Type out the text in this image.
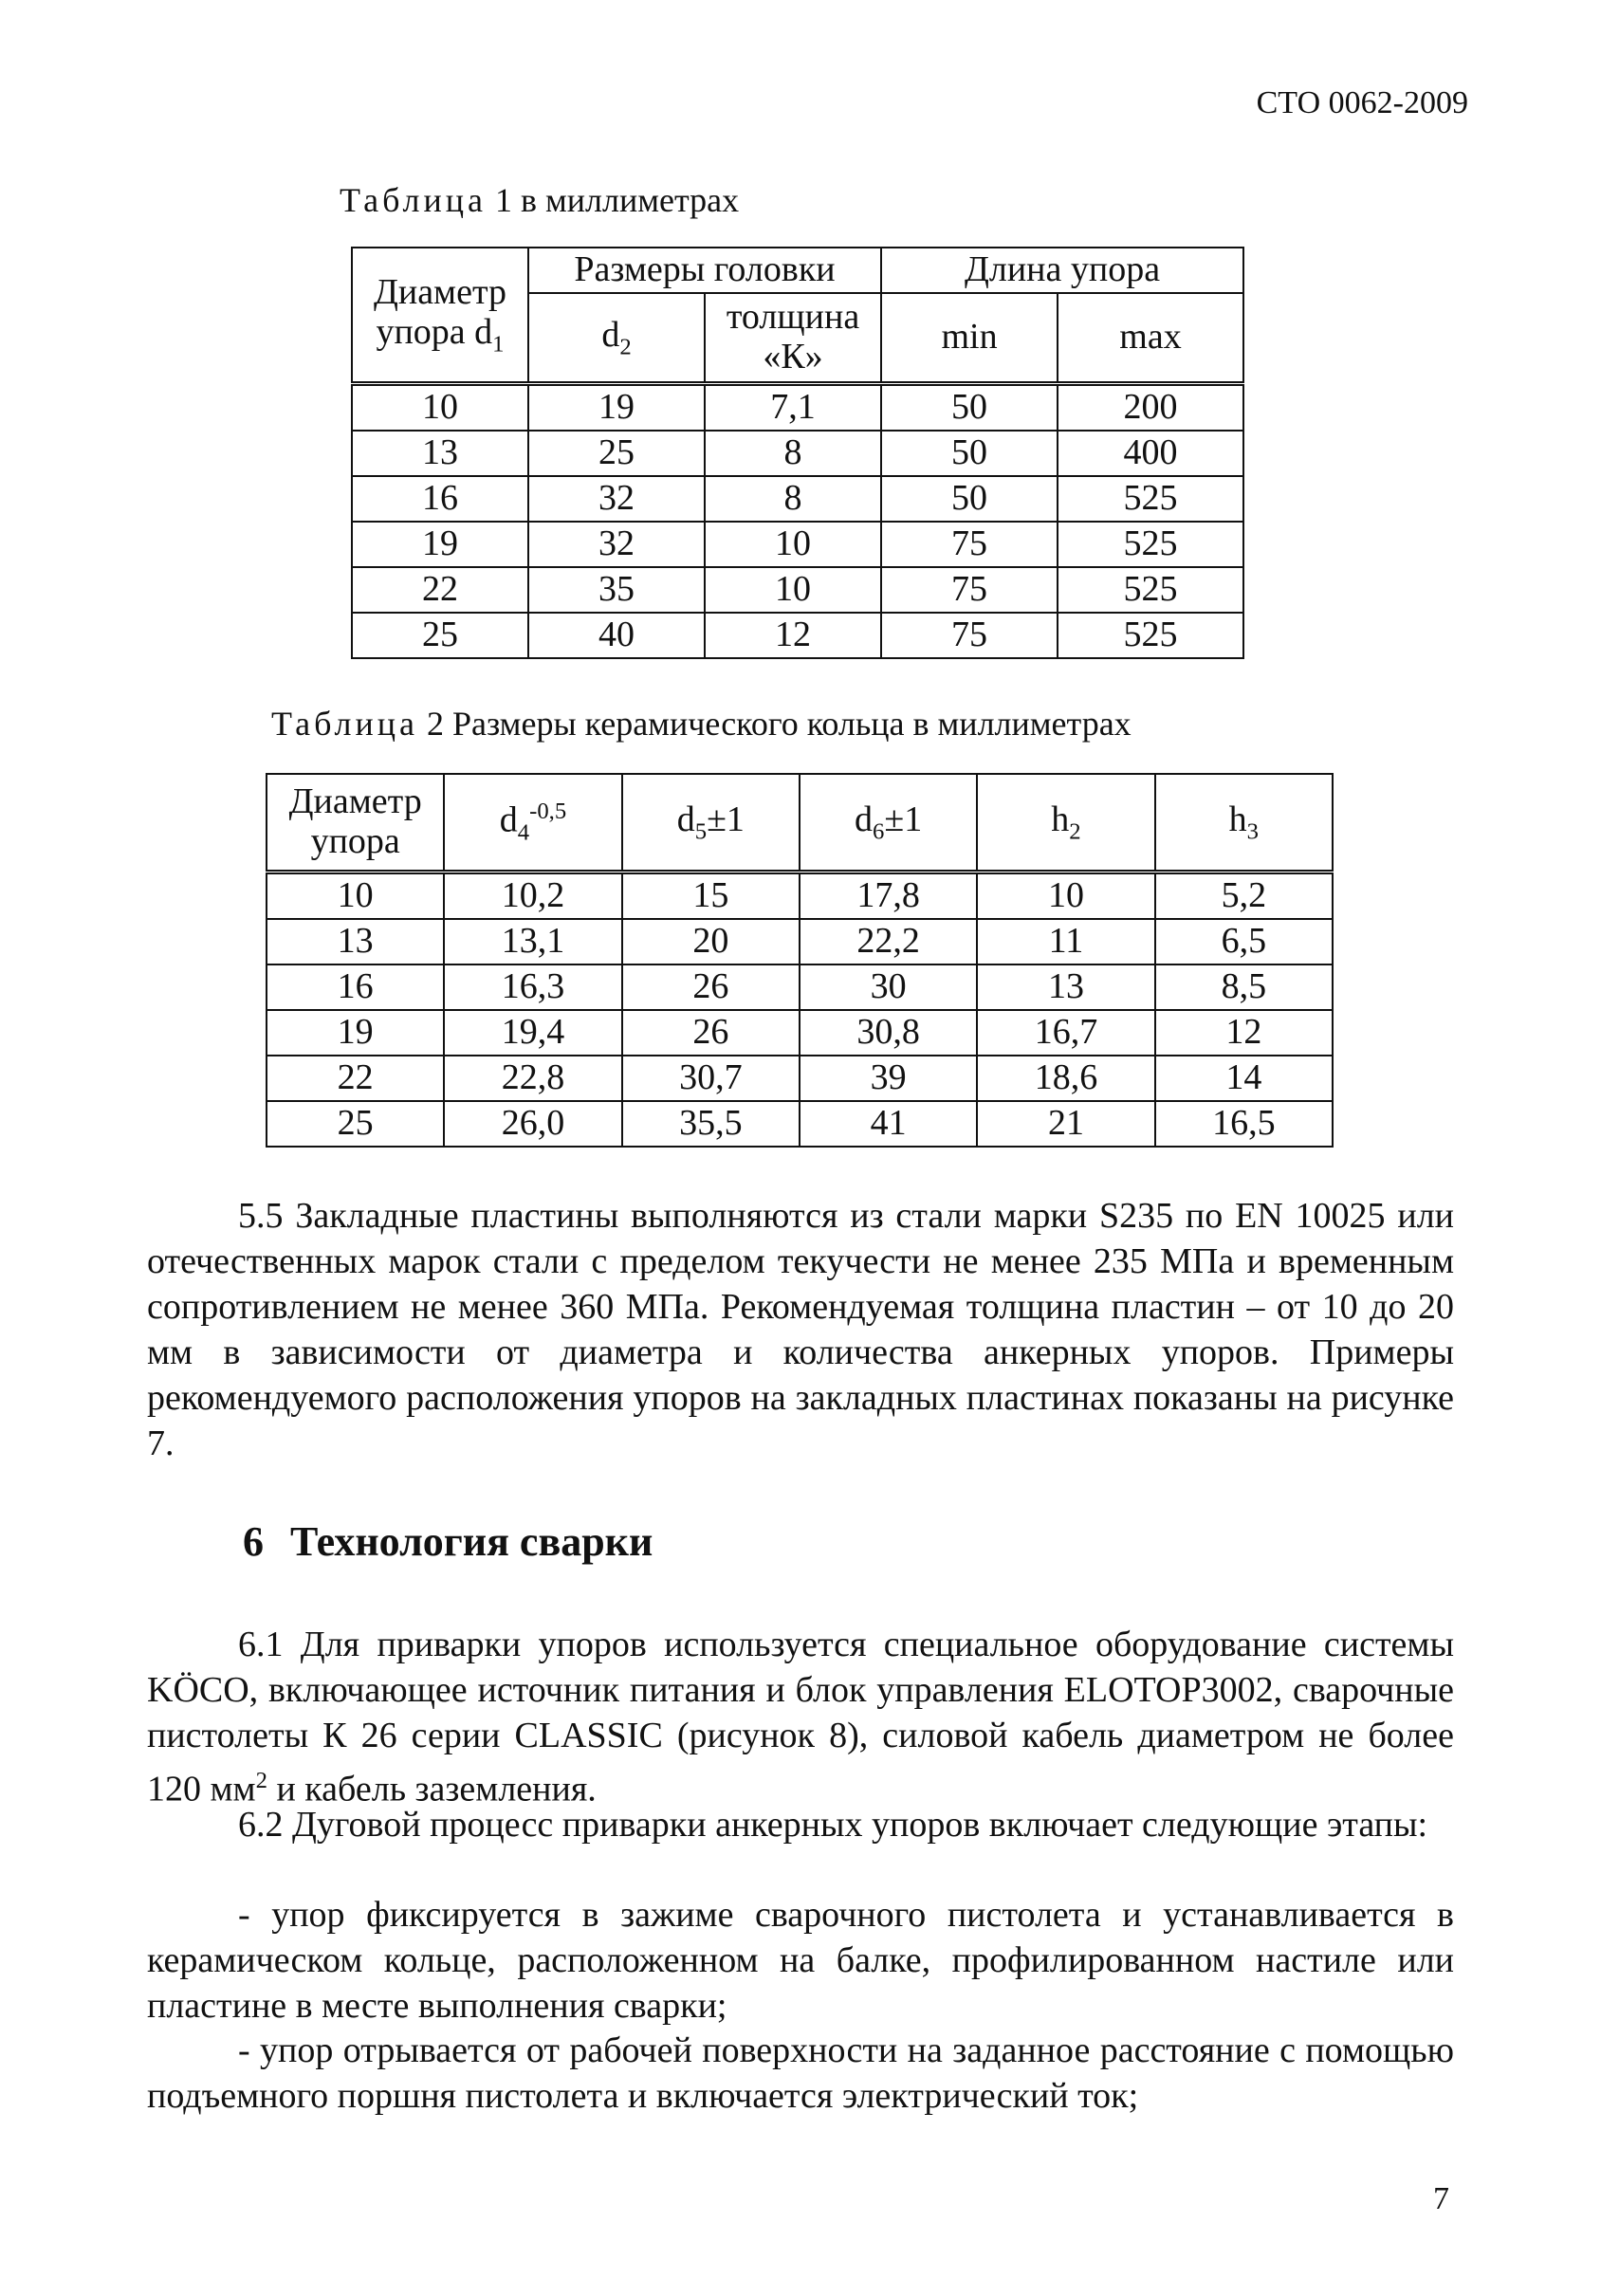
СТО 0062-2009
Таблица 1 в миллиметрах
Диаметр упора $d_1$	Размеры головки		Длина упора	
	$d_2$	толщина «К»	min	max
10	19	7,1	50	200
13	25	8	50	400
16	32	8	50	525
19	32	10	75	525
22	35	10	75	525
25	40	12	75	525
Таблица 2 Размеры керамического кольца в миллиметрах
Диаметр упора	$d_4^{-0,5}$	$d_5\pm 1$	$d_6\pm 1$	$h_2$	$h_3$
10	10,2	15	17,8	10	5,2
13	13,1	20	22,2	11	6,5
16	16,3	26	30	13	8,5
19	19,4	26	30,8	16,7	12
22	22,8	30,7	39	18,6	14
25	26,0	35,5	41	21	16,5
5.5 Закладные пластины выполняются из стали марки S235 по EN 10025 или отечественных марок стали с пределом текучести не менее 235 МПа и временным сопротивлением не менее 360 МПа. Рекомендуемая толщина пластин – от 10 до 20 мм в зависимости от диаметра и количества анкерных упоров. Примеры рекомендуемого расположения упоров на закладных пластинах показаны на рисунке 7.
6 Технология сварки
6.1 Для приварки упоров используется специальное оборудование системы KÖCO, включающее источник питания и блок управления ELOTOP3002, сварочные пистолеты К 26 серии CLASSIC (рисунок 8), силовой кабель диаметром не более 120 $мм^2$ и кабель заземления.
6.2 Дуговой процесс приварки анкерных упоров включает следующие этапы:
- упор фиксируется в зажиме сварочного пистолета и устанавливается в керамическом кольце, расположенном на балке, профилированном настиле или пластине в месте выполнения сварки;
- упор отрывается от рабочей поверхности на заданное расстояние с помощью подъемного поршня пистолета и включается электрический ток;
7
